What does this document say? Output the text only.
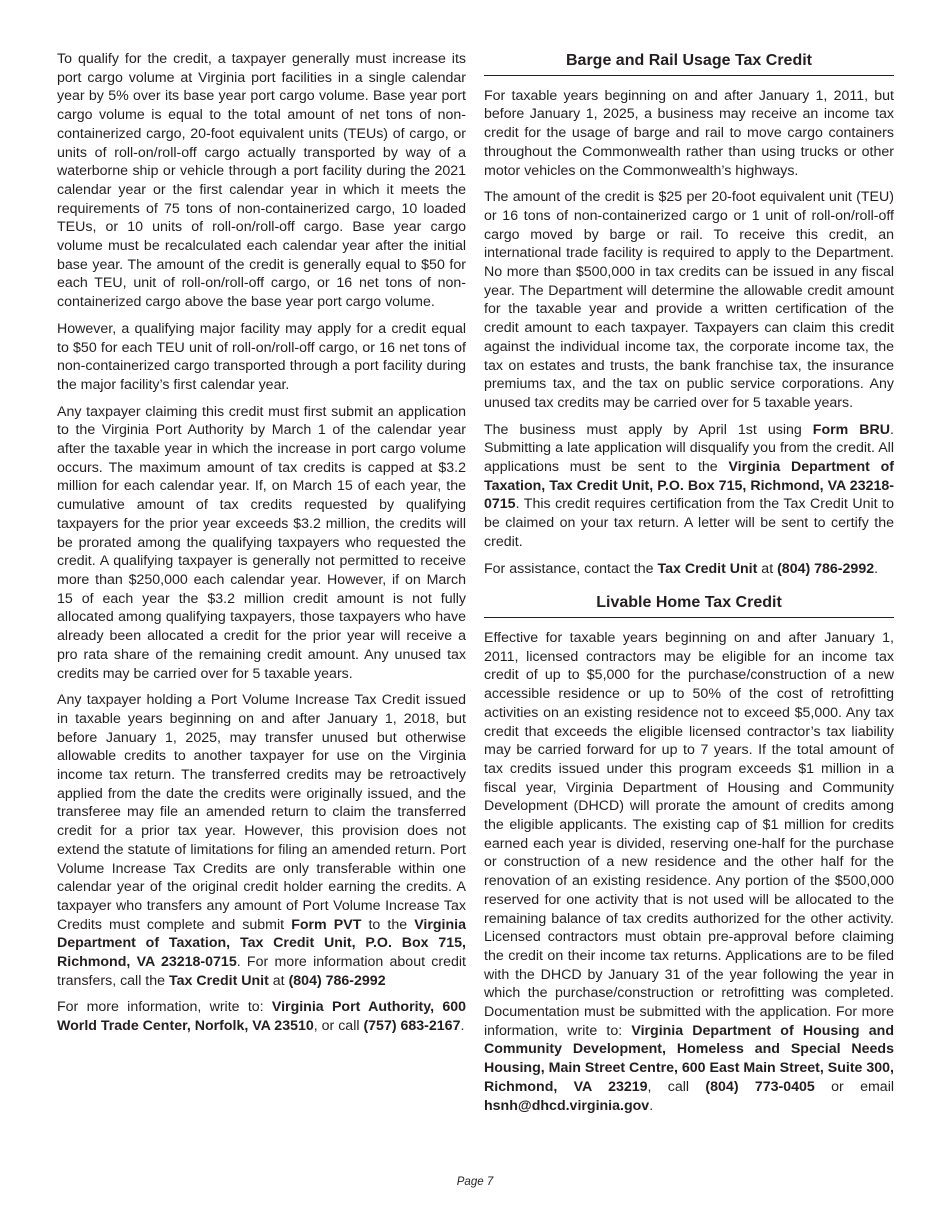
To qualify for the credit, a taxpayer generally must increase its port cargo volume at Virginia port facilities in a single calendar year by 5% over its base year port cargo volume. Base year port cargo volume is equal to the total amount of net tons of non-containerized cargo, 20-foot equivalent units (TEUs) of cargo, or units of roll-on/roll-off cargo actually transported by way of a waterborne ship or vehicle through a port facility during the 2021 calendar year or the first calendar year in which it meets the requirements of 75 tons of non-containerized cargo, 10 loaded TEUs, or 10 units of roll-on/roll-off cargo. Base year cargo volume must be recalculated each calendar year after the initial base year. The amount of the credit is generally equal to $50 for each TEU, unit of roll-on/roll-off cargo, or 16 net tons of non-containerized cargo above the base year port cargo volume.

However, a qualifying major facility may apply for a credit equal to $50 for each TEU unit of roll-on/roll-off cargo, or 16 net tons of non-containerized cargo transported through a port facility during the major facility’s first calendar year.

Any taxpayer claiming this credit must first submit an application to the Virginia Port Authority by March 1 of the calendar year after the taxable year in which the increase in port cargo volume occurs. The maximum amount of tax credits is capped at $3.2 million for each calendar year. If, on March 15 of each year, the cumulative amount of tax credits requested by qualifying taxpayers for the prior year exceeds $3.2 million, the credits will be prorated among the qualifying taxpayers who requested the credit. A qualifying taxpayer is generally not permitted to receive more than $250,000 each calendar year. However, if on March 15 of each year the $3.2 million credit amount is not fully allocated among qualifying taxpayers, those taxpayers who have already been allocated a credit for the prior year will receive a pro rata share of the remaining credit amount. Any unused tax credits may be carried over for 5 taxable years.

Any taxpayer holding a Port Volume Increase Tax Credit issued in taxable years beginning on and after January 1, 2018, but before January 1, 2025, may transfer unused but otherwise allowable credits to another taxpayer for use on the Virginia income tax return. The transferred credits may be retroactively applied from the date the credits were originally issued, and the transferee may file an amended return to claim the transferred credit for a prior tax year. However, this provision does not extend the statute of limitations for filing an amended return. Port Volume Increase Tax Credits are only transferable within one calendar year of the original credit holder earning the credits. A taxpayer who transfers any amount of Port Volume Increase Tax Credits must complete and submit Form PVT to the Virginia Department of Taxation, Tax Credit Unit, P.O. Box 715, Richmond, VA 23218-0715. For more information about credit transfers, call the Tax Credit Unit at (804) 786-2992

For more information, write to: Virginia Port Authority, 600 World Trade Center, Norfolk, VA 23510, or call (757) 683-2167.

Barge and Rail Usage Tax Credit

For taxable years beginning on and after January 1, 2011, but before January 1, 2025, a business may receive an income tax credit for the usage of barge and rail to move cargo containers throughout the Commonwealth rather than using trucks or other motor vehicles on the Commonwealth’s highways.

The amount of the credit is $25 per 20-foot equivalent unit (TEU) or 16 tons of non-containerized cargo or 1 unit of roll-on/roll-off cargo moved by barge or rail. To receive this credit, an international trade facility is required to apply to the Department. No more than $500,000 in tax credits can be issued in any fiscal year. The Department will determine the allowable credit amount for the taxable year and provide a written certification of the credit amount to each taxpayer. Taxpayers can claim this credit against the individual income tax, the corporate income tax, the tax on estates and trusts, the bank franchise tax, the insurance premiums tax, and the tax on public service corporations. Any unused tax credits may be carried over for 5 taxable years.

The business must apply by April 1st using Form BRU. Submitting a late application will disqualify you from the credit. All applications must be sent to the Virginia Department of Taxation, Tax Credit Unit, P.O. Box 715, Richmond, VA 23218-0715. This credit requires certification from the Tax Credit Unit to be claimed on your tax return. A letter will be sent to certify the credit.

For assistance, contact the Tax Credit Unit at (804) 786-2992.

Livable Home Tax Credit

Effective for taxable years beginning on and after January 1, 2011, licensed contractors may be eligible for an income tax credit of up to $5,000 for the purchase/construction of a new accessible residence or up to 50% of the cost of retrofitting activities on an existing residence not to exceed $5,000. Any tax credit that exceeds the eligible licensed contractor’s tax liability may be carried forward for up to 7 years. If the total amount of tax credits issued under this program exceeds $1 million in a fiscal year, Virginia Department of Housing and Community Development (DHCD) will prorate the amount of credits among the eligible applicants. The existing cap of $1 million for credits earned each year is divided, reserving one-half for the purchase or construction of a new residence and the other half for the renovation of an existing residence. Any portion of the $500,000 reserved for one activity that is not used will be allocated to the remaining balance of tax credits authorized for the other activity. Licensed contractors must obtain pre-approval before claiming the credit on their income tax returns. Applications are to be filed with the DHCD by January 31 of the year following the year in which the purchase/construction or retrofitting was completed. Documentation must be submitted with the application. For more information, write to: Virginia Department of Housing and Community Development, Homeless and Special Needs Housing, Main Street Centre, 600 East Main Street, Suite 300, Richmond, VA 23219, call (804) 773-0405 or email hsnh@dhcd.virginia.gov.

Page 7
